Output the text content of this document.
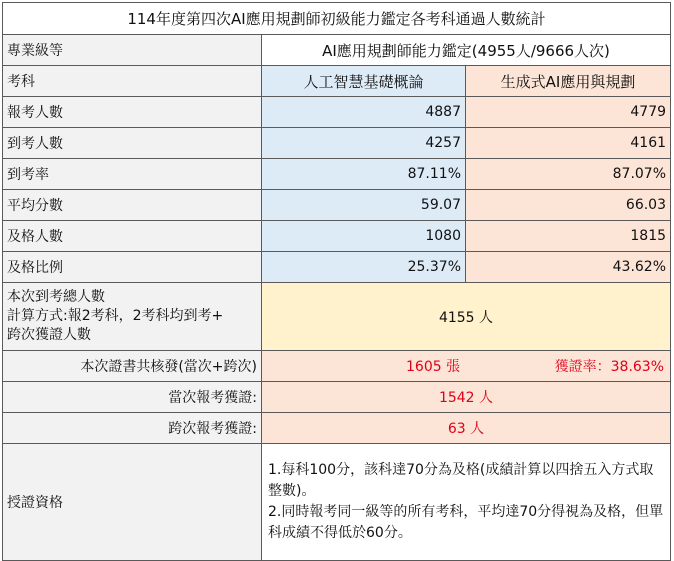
114年度第四次AI應用規劃師初級能力鑑定各考科通過人數統計		
專業級等	AI應用規劃師能力鑑定(4955人/9666人次)	
考科	人工智慧基礎概論	生成式AI應用與規劃
報考人數	4887	4779
到考人數	4257	4161
到考率	87.11%	87.07%
平均分數	59.07	66.03
及格人數	1080	1815
及格比例	25.37%	43.62%

本次到考總人數
計算方式:報2考科，2考科均到考+
跨次獲證人數	4155 人	
本次證書共核發(當次+跨次)	1605 張 獲證率：38.63%	

當次報考獲證:	1542 人	
跨次報考獲證:	63 人	
授證資格	1.每科100分，該科達70分為及格(成績計算以四捨五入方式取整數)。

2.同時報考同一級等的所有考科，平均達70分得視為及格，但單科成績不得低於60分。	
